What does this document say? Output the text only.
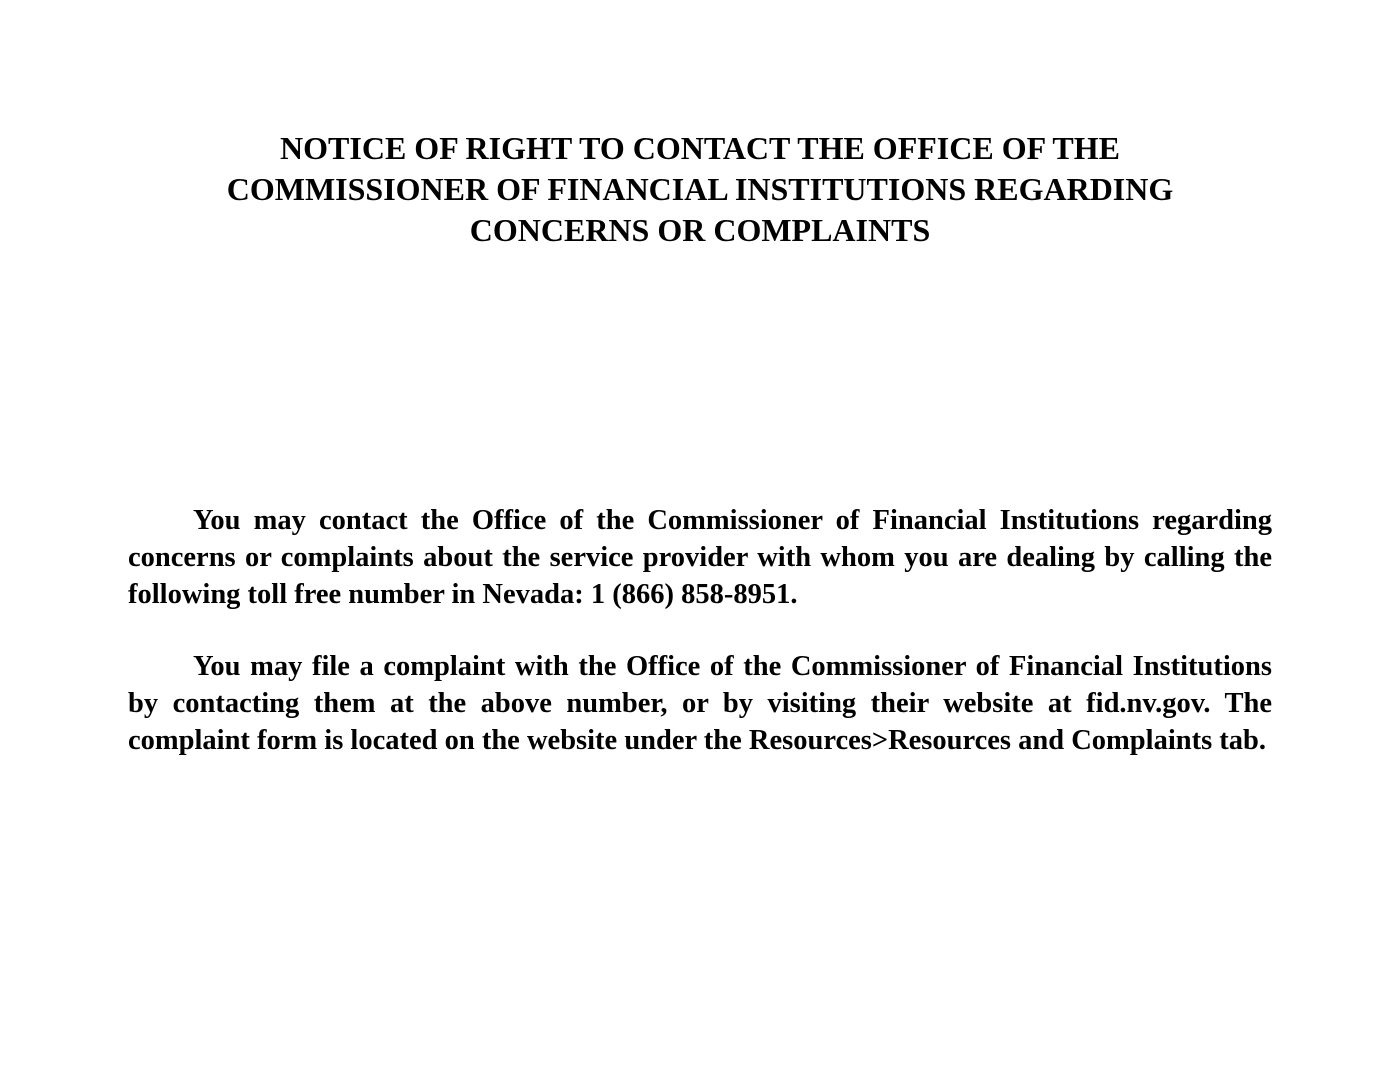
NOTICE OF RIGHT TO CONTACT THE OFFICE OF THE
COMMISSIONER OF FINANCIAL INSTITUTIONS REGARDING
CONCERNS OR COMPLAINTS

You may contact the Office of the Commissioner of Financial Institutions regarding concerns or complaints about the service provider with whom you are dealing by calling the following toll free number in Nevada: 1 (866) 858-8951.

You may file a complaint with the Office of the Commissioner of Financial Institutions by contacting them at the above number, or by visiting their website at fid.nv.gov. The complaint form is located on the website under the Resources>Resources and Complaints tab.
